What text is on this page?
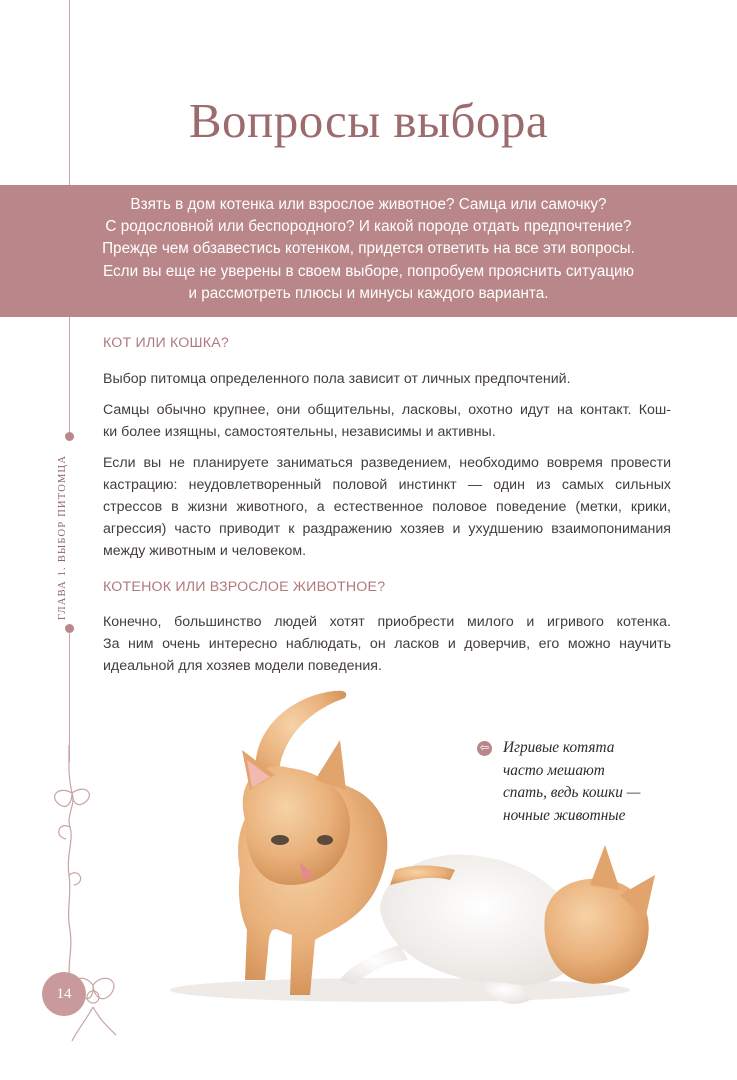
ГЛАВА 1. ВЫБОР ПИТОМЦА
Вопросы выбора
Взять в дом котенка или взрослое животное? Самца или самочку?
С родословной или беспородного? И какой породе отдать предпочтение?
Прежде чем обзавестись котенком, придется ответить на все эти вопросы.
Если вы еще не уверены в своем выборе, попробуем прояснить ситуацию
и рассмотреть плюсы и минусы каждого варианта.
КОТ ИЛИ КОШКА?
Выбор питомца определенного пола зависит от личных предпочтений.
Самцы обычно крупнее, они общительны, ласковы, охотно идут на контакт. Кош-
ки более изящны, самостоятельны, независимы и активны.
Если вы не планируете заниматься разведением, необходимо вовремя провести
кастрацию: неудовлетворенный половой инстинкт — один из самых сильных
стрессов в жизни животного, а естественное половое поведение (метки, крики,
агрессия) часто приводит к раздражению хозяев и ухудшению взаимопонимания
между животным и человеком.
КОТЕНОК ИЛИ ВЗРОСЛОЕ ЖИВОТНОЕ?
Конечно, большинство людей хотят приобрести милого и игривого котенка.
За ним очень интересно наблюдать, он ласков и доверчив, его можно научить
идеальной для хозяев модели поведения.
14
⇦ Игривые котята
часто мешают
спать, ведь кошки —
ночные животные
